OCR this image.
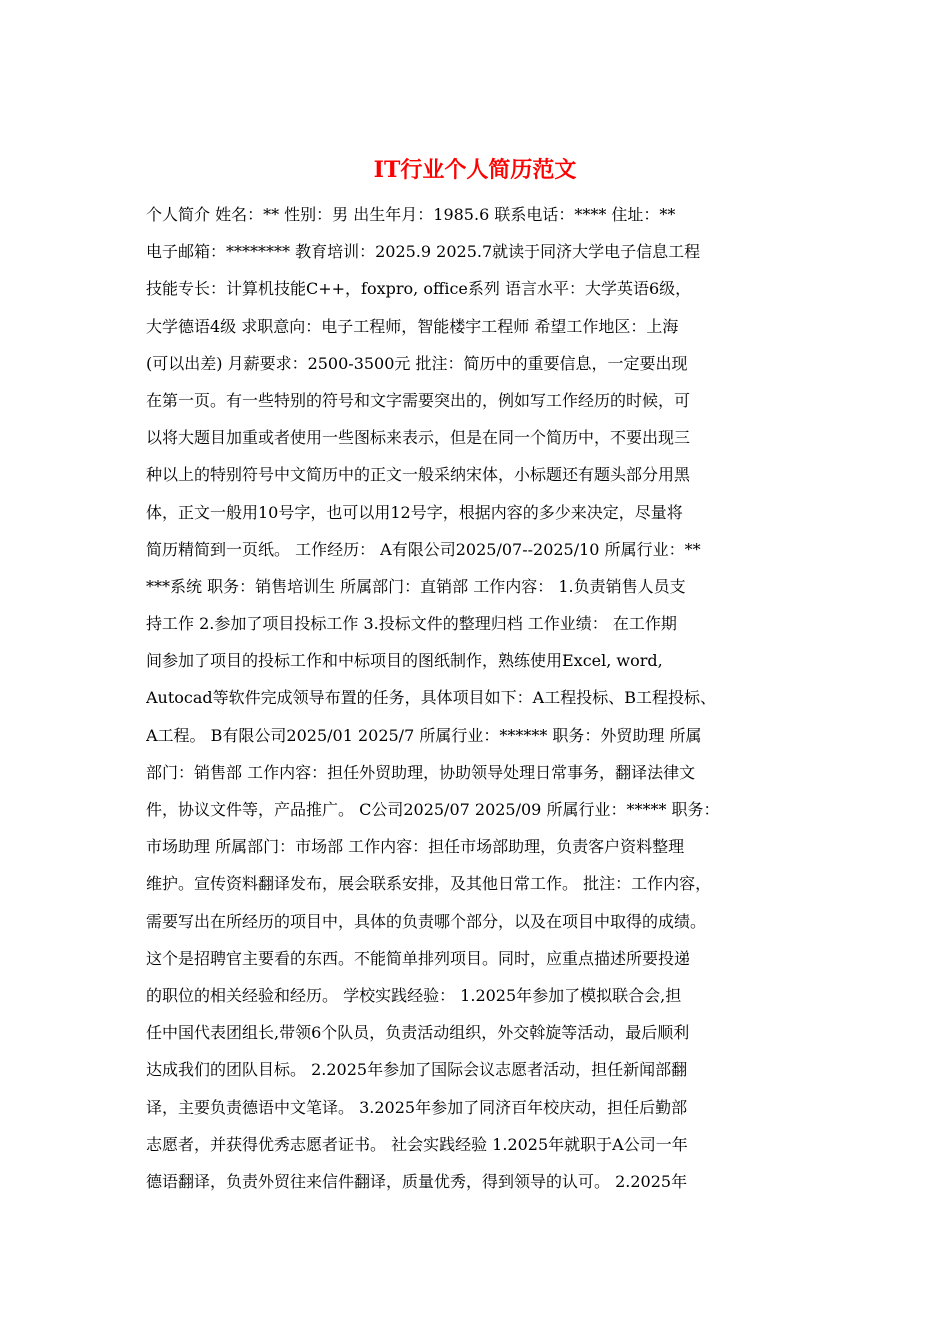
IT行业个人简历范文
个人简介 姓名：** 性别：男 出生年月：1985.6 联系电话：**** 住址：**
电子邮箱：******** 教育培训：2025.9 2025.7就读于同济大学电子信息工程
技能专长：计算机技能C++，foxpro, office系列 语言水平：大学英语6级，
大学德语4级 求职意向：电子工程师，智能楼宇工程师 希望工作地区：上海
(可以出差) 月薪要求：2500-3500元 批注：简历中的重要信息，一定要出现
在第一页。有一些特别的符号和文字需要突出的，例如写工作经历的时候，可
以将大题目加重或者使用一些图标来表示，但是在同一个简历中，不要出现三
种以上的特别符号中文简历中的正文一般采纳宋体，小标题还有题头部分用黑
体，正文一般用10号字，也可以用12号字，根据内容的多少来决定，尽量将
简历精简到一页纸。 工作经历： A有限公司2025/07--2025/10 所属行业：**
***系统 职务：销售培训生 所属部门：直销部 工作内容： 1.负责销售人员支
持工作 2.参加了项目投标工作 3.投标文件的整理归档 工作业绩： 在工作期
间参加了项目的投标工作和中标项目的图纸制作，熟练使用Excel, word,
Autocad等软件完成领导布置的任务，具体项目如下：A工程投标、B工程投标、
A工程。 B有限公司2025/01 2025/7 所属行业：****** 职务：外贸助理 所属
部门：销售部 工作内容：担任外贸助理，协助领导处理日常事务，翻译法律文
件，协议文件等，产品推广。 C公司2025/07 2025/09 所属行业：***** 职务：
市场助理 所属部门：市场部 工作内容：担任市场部助理，负责客户资料整理
维护。宣传资料翻译发布，展会联系安排，及其他日常工作。 批注：工作内容，
需要写出在所经历的项目中，具体的负责哪个部分，以及在项目中取得的成绩。
这个是招聘官主要看的东西。不能简单排列项目。同时，应重点描述所要投递
的职位的相关经验和经历。 学校实践经验： 1.2025年参加了模拟联合会,担
任中国代表团组长,带领6个队员，负责活动组织，外交斡旋等活动，最后顺利
达成我们的团队目标。 2.2025年参加了国际会议志愿者活动，担任新闻部翻
译，主要负责德语中文笔译。 3.2025年参加了同济百年校庆动，担任后勤部
志愿者，并获得优秀志愿者证书。 社会实践经验 1.2025年就职于A公司一年
德语翻译，负责外贸往来信件翻译，质量优秀，得到领导的认可。 2.2025年
